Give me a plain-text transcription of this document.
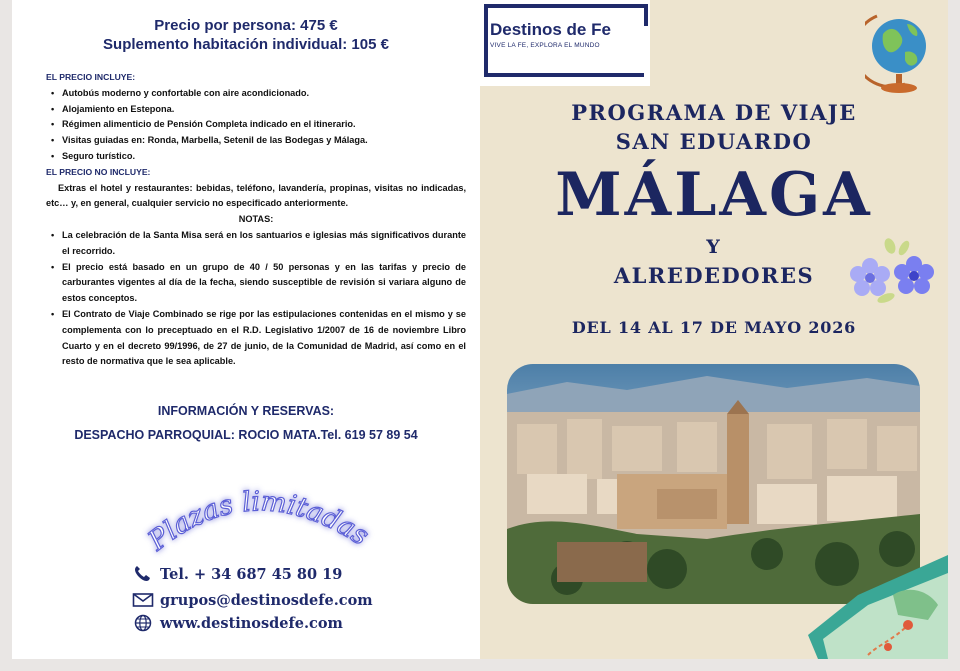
Precio por persona: 475 €
Suplemento habitación individual: 105 €
EL PRECIO INCLUYE:
• Autobús moderno y confortable con aire acondicionado.
• Alojamiento en Estepona.
• Régimen alimenticio de Pensión Completa indicado en el itinerario.
• Visitas guiadas en: Ronda, Marbella, Setenil de las Bodegas y Málaga.
• Seguro turístico.
EL PRECIO NO INCLUYE:
Extras el hotel y restaurantes: bebidas, teléfono, lavandería, propinas, visitas no indicadas, etc… y, en general, cualquier servicio no especificado anteriormente.
NOTAS:
• La celebración de la Santa Misa será en los santuarios e iglesias más significativos durante el recorrido.
• El precio está basado en un grupo de 40 / 50 personas y en las tarifas y precio de carburantes vigentes al día de la fecha, siendo susceptible de revisión si variara alguno de estos conceptos.
• El Contrato de Viaje Combinado se rige por las estipulaciones contenidas en el mismo y se complementa con lo preceptuado en el R.D. Legislativo 1/2007 de 16 de noviembre Libro Cuarto y en el decreto 99/1996, de 27 de junio, de la Comunidad de Madrid, así como en el resto de normativa que le sea aplicable.
INFORMACIÓN Y RESERVAS:
DESPACHO PARROQUIAL: ROCIO MATA.Tel. 619 57 89 54
Plazas limitadas
Tel. + 34 687 45 80 19
grupos@destinosdefe.com
www.destinosdefe.com
Destinos de Fe
VIVE LA FE, EXPLORA EL MUNDO
PROGRAMA DE VIAJE
SAN EDUARDO
MÁLAGA
Y
ALREDEDORES
DEL 14 AL 17 DE MAYO 2026
